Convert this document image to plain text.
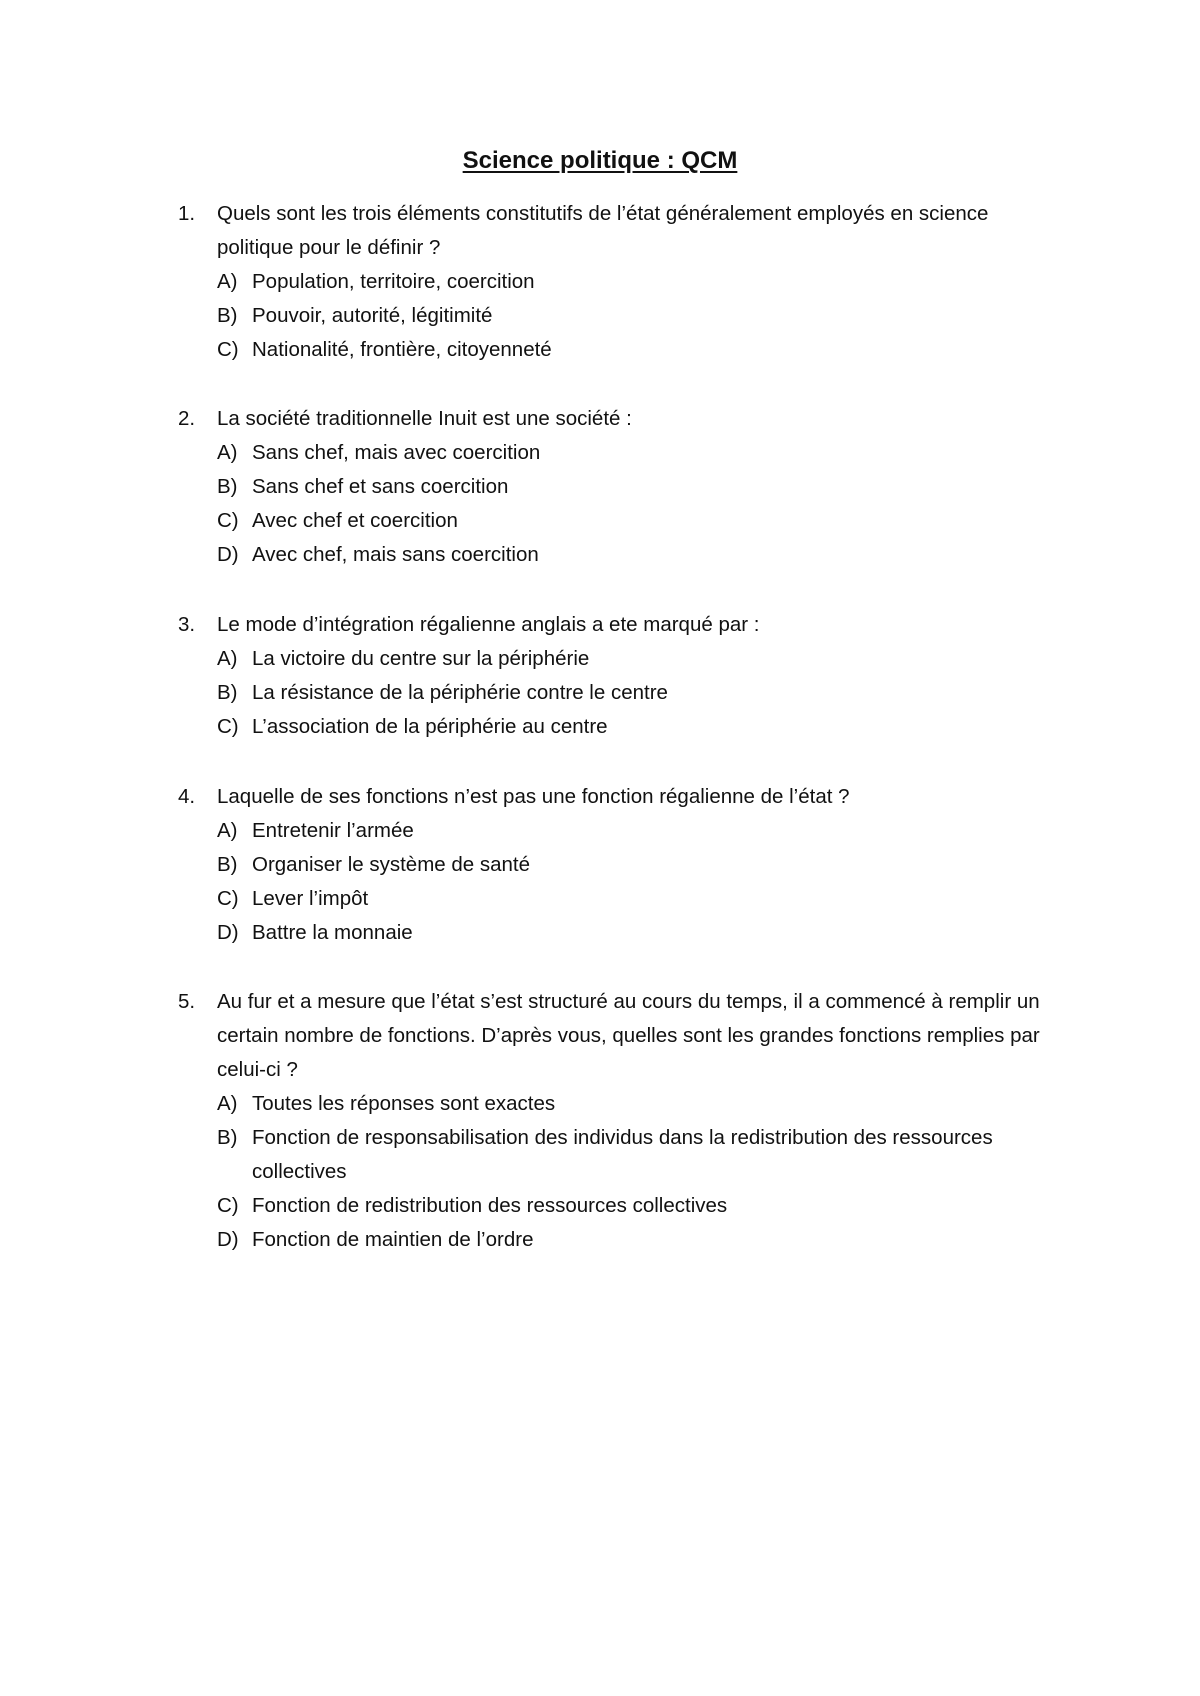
Science politique : QCM
1. Quels sont les trois éléments constitutifs de l’état généralement employés en science politique pour le définir ?
A) Population, territoire, coercition
B) Pouvoir, autorité, légitimité
C) Nationalité, frontière, citoyenneté
2. La société traditionnelle Inuit est une société :
A) Sans chef, mais avec coercition
B) Sans chef et sans coercition
C) Avec chef et coercition
D) Avec chef, mais sans coercition
3. Le mode d’intégration régalienne anglais a ete marqué par :
A) La victoire du centre sur la périphérie
B) La résistance de la périphérie contre le centre
C) L’association de la périphérie au centre
4. Laquelle de ses fonctions n’est pas une fonction régalienne de l’état ?
A) Entretenir l’armée
B) Organiser le système de santé
C) Lever l’impôt
D) Battre la monnaie
5. Au fur et a mesure que l’état s’est structuré au cours du temps, il a commencé à remplir un certain nombre de fonctions. D’après vous, quelles sont les grandes fonctions remplies par celui-ci ?
A) Toutes les réponses sont exactes
B) Fonction de responsabilisation des individus dans la redistribution des ressources collectives
C) Fonction de redistribution des ressources collectives
D) Fonction de maintien de l’ordre
